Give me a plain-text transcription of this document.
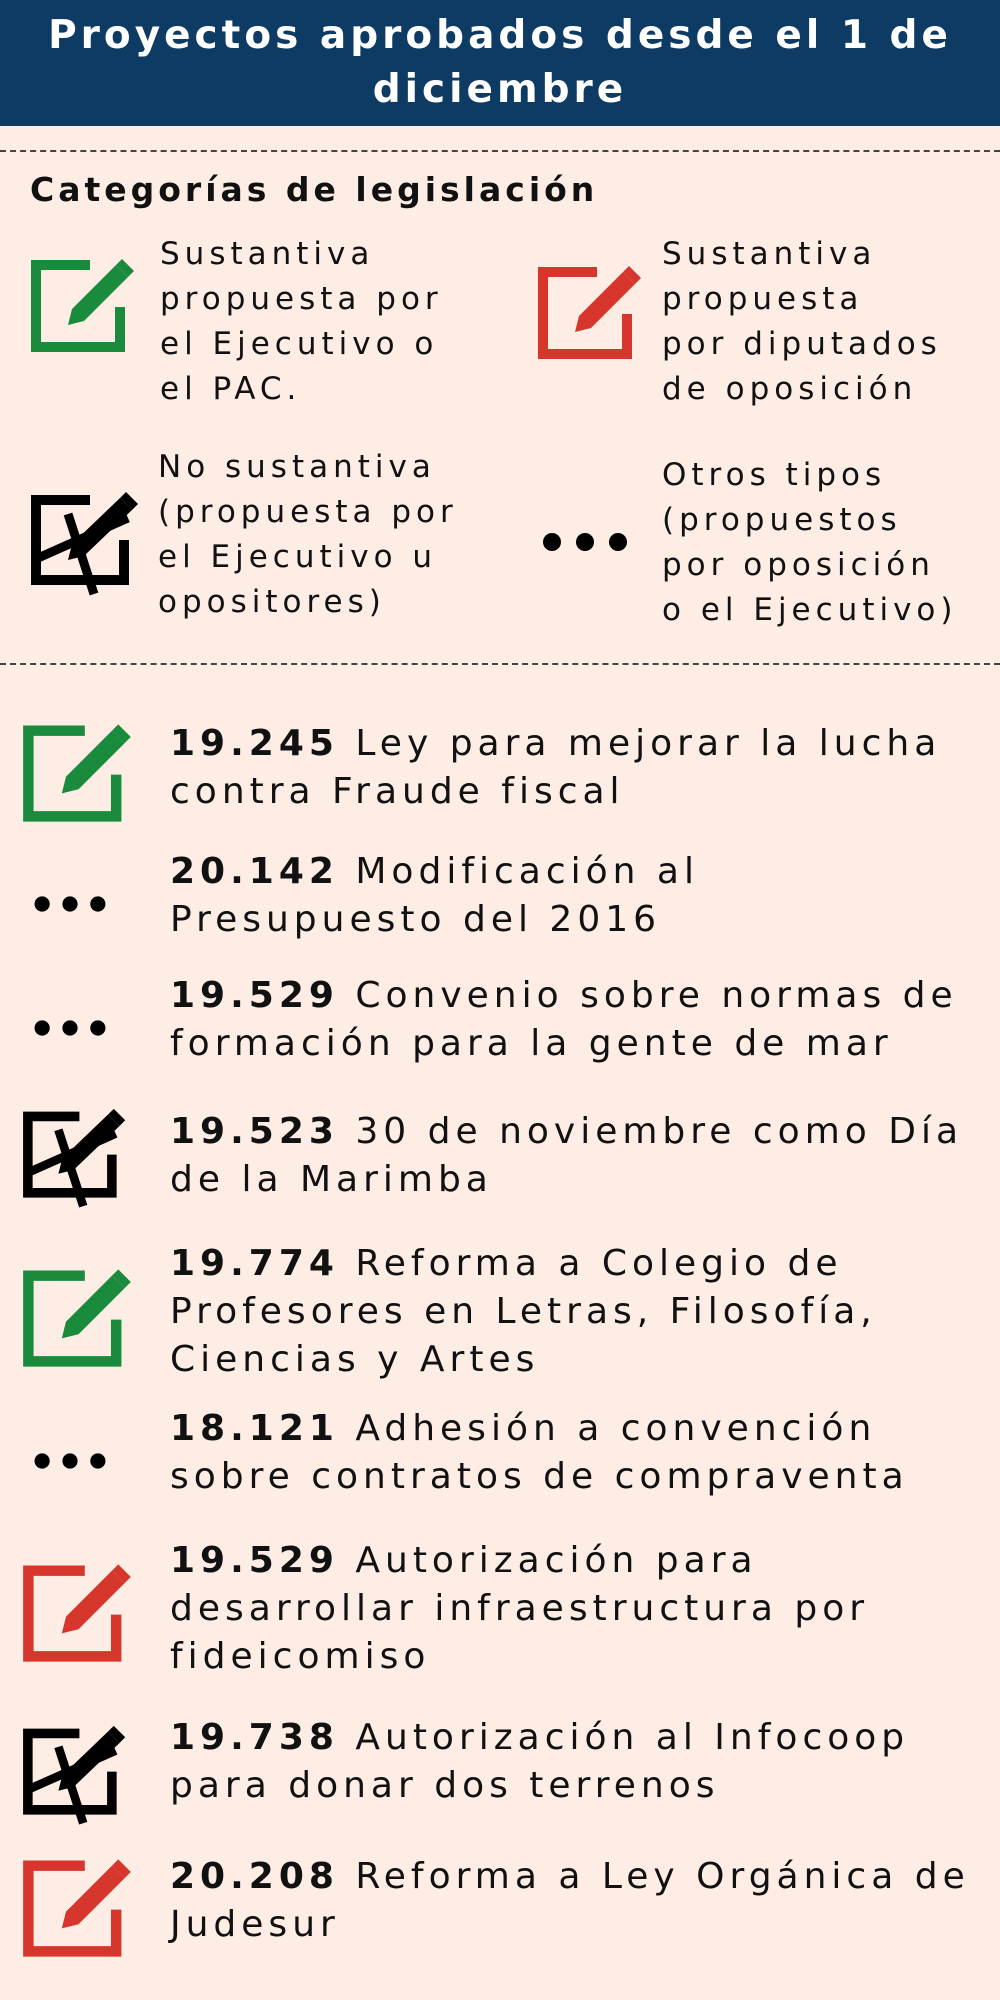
Proyectos aprobados desde el 1 de diciembre
Categorías de legislación
Sustantiva
propuesta por
el Ejecutivo o
el PAC.
Sustantiva
propuesta
por diputados
de oposición
No sustantiva
(propuesta por
el Ejecutivo u
opositores)
Otros tipos
(propuestos
por oposición
o el Ejecutivo)
19.245 Ley para mejorar la lucha contra Fraude fiscal
20.142 Modificación al Presupuesto del 2016
19.529 Convenio sobre normas de formación para la gente de mar
19.523 30 de noviembre como Día de la Marimba
19.774 Reforma a Colegio de Profesores en Letras, Filosofía, Ciencias y Artes
18.121 Adhesión a convención sobre contratos de compraventa
19.529 Autorización para desarrollar infraestructura por fideicomiso
19.738 Autorización al Infocoop para donar dos terrenos
20.208 Reforma a Ley Orgánica de Judesur
